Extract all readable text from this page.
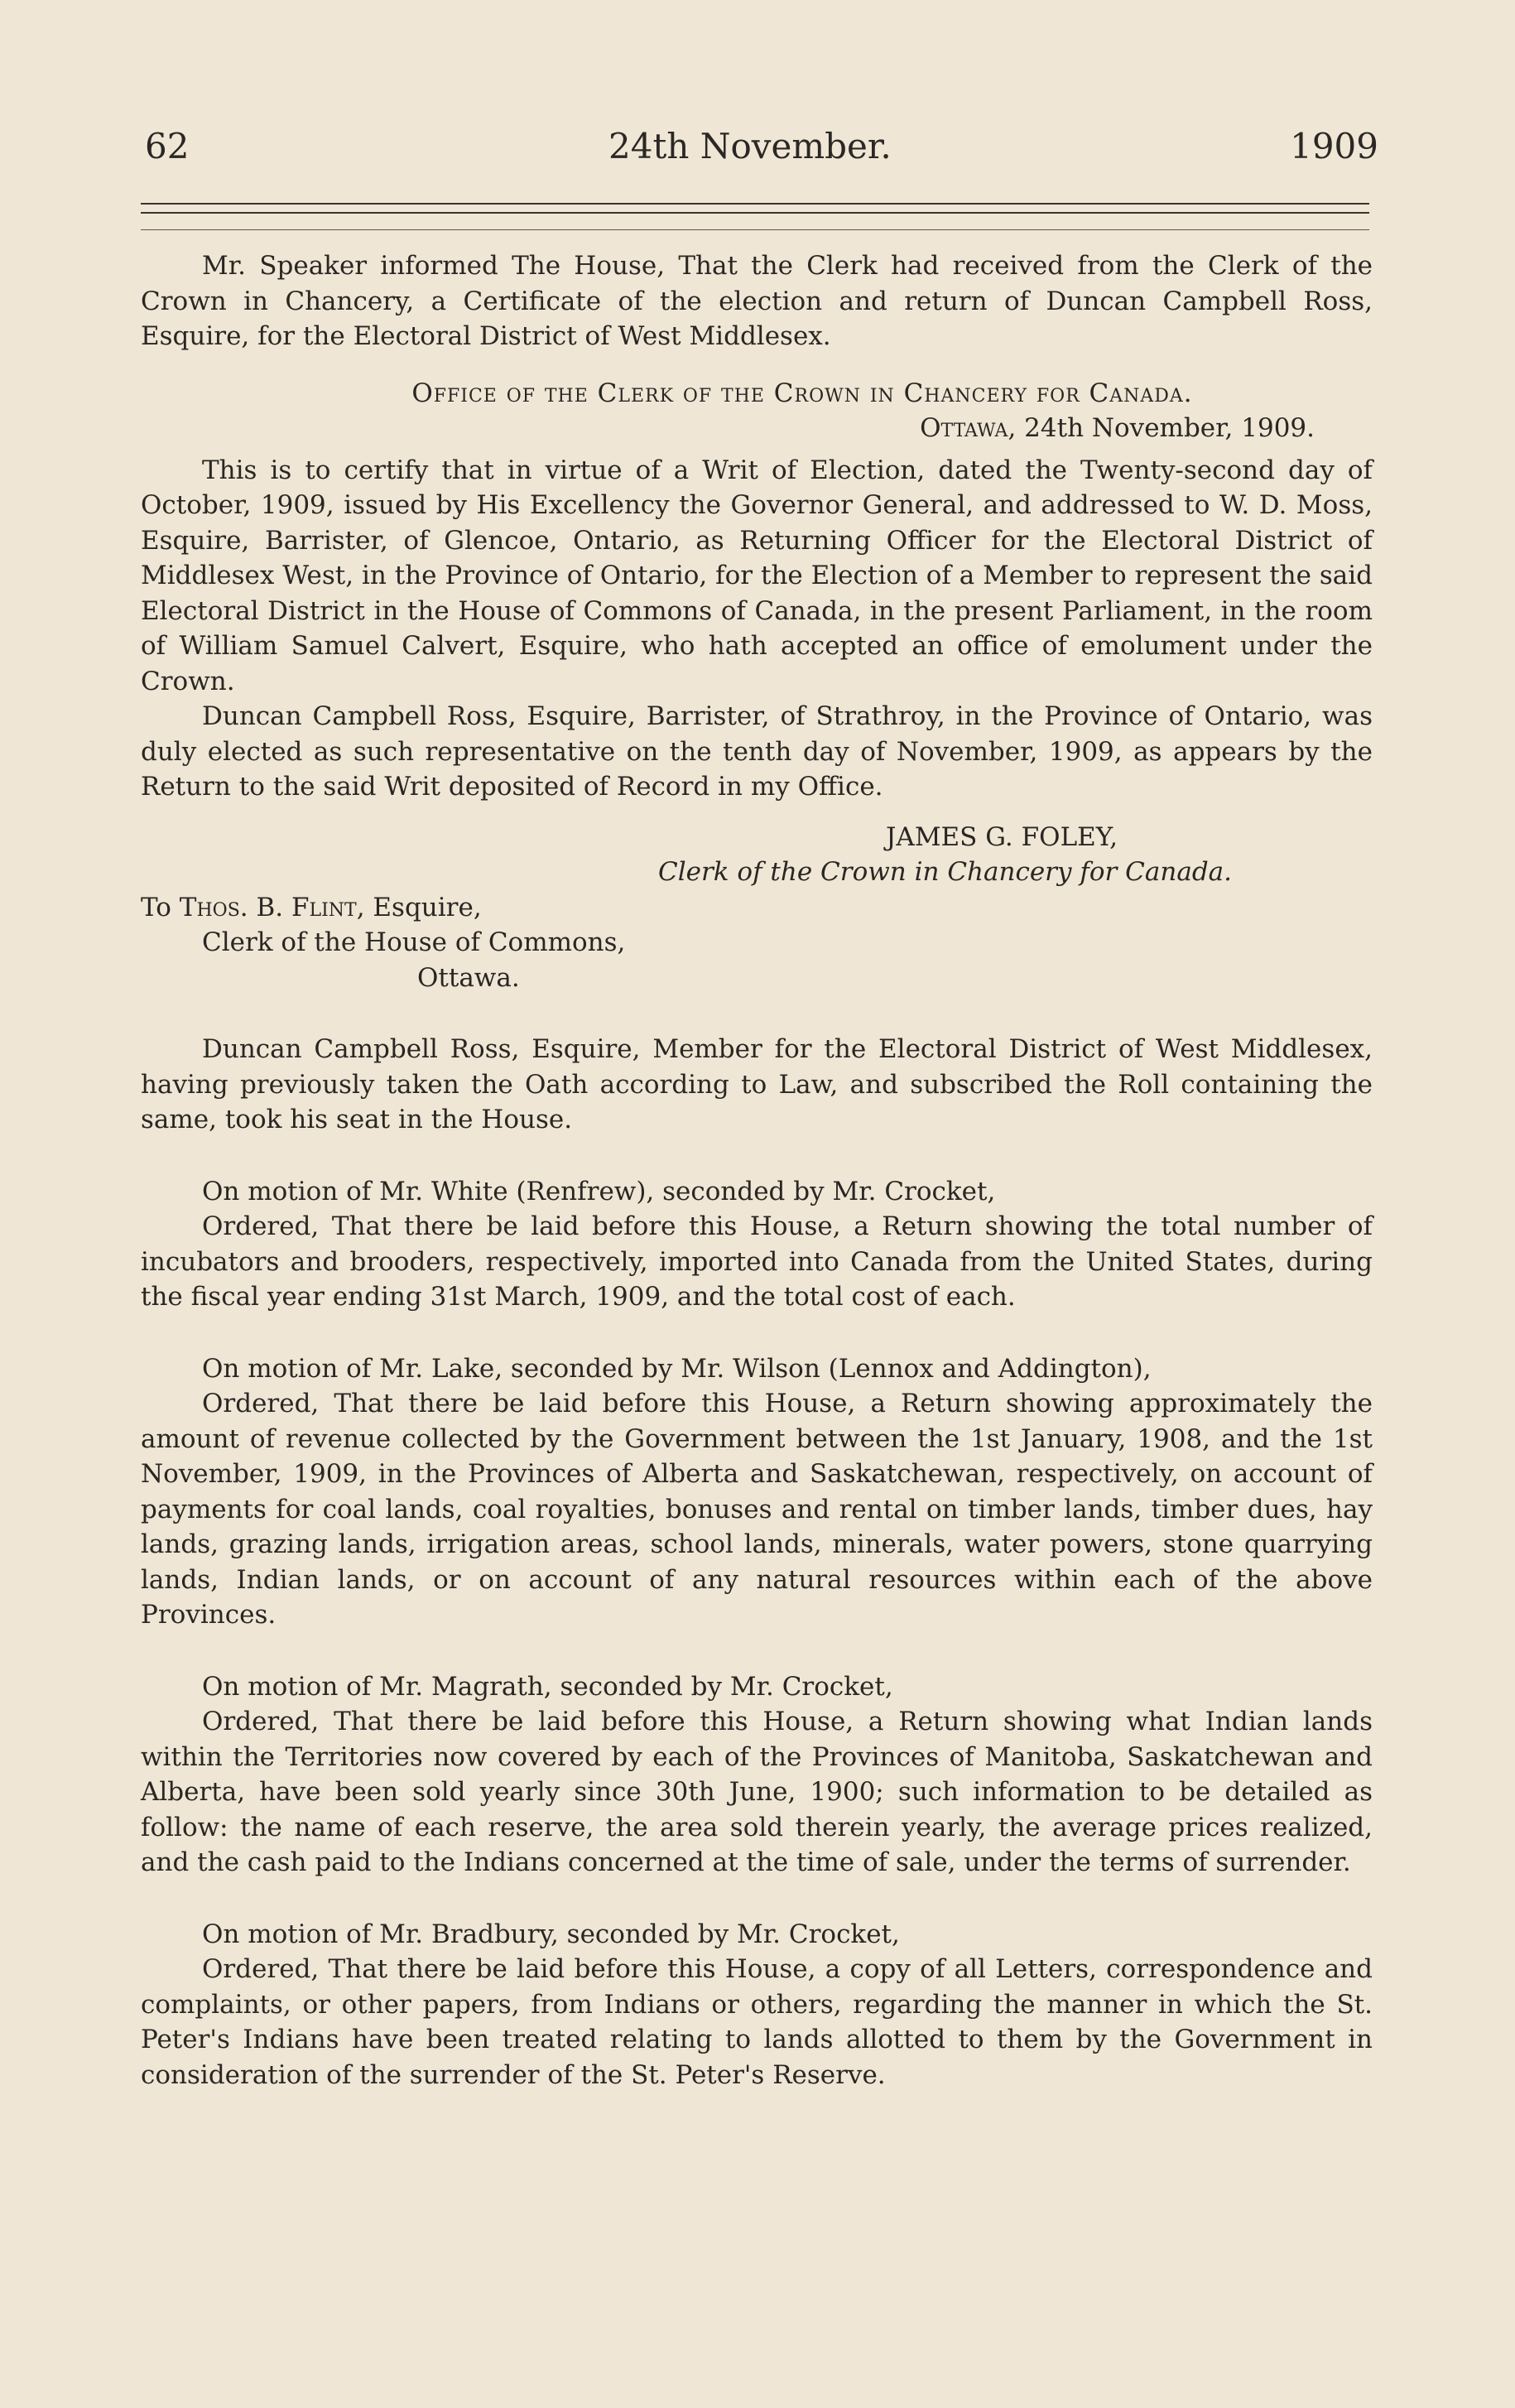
62	24th November.	1909

Mr. Speaker informed The House, That the Clerk had received from the Clerk of the Crown in Chancery, a Certificate of the election and return of Duncan Campbell Ross, Esquire, for the Electoral District of West Middlesex.

Office of the Clerk of the Crown in Chancery for Canada.

Ottawa, 24th November, 1909.

This is to certify that in virtue of a Writ of Election, dated the Twenty-second day of October, 1909, issued by His Excellency the Governor General, and addressed to W. D. Moss, Esquire, Barrister, of Glencoe, Ontario, as Returning Officer for the Electoral District of Middlesex West, in the Province of Ontario, for the Election of a Member to represent the said Electoral District in the House of Commons of Canada, in the present Parliament, in the room of William Samuel Calvert, Esquire, who hath accepted an office of emolument under the Crown.

Duncan Campbell Ross, Esquire, Barrister, of Strathroy, in the Province of Ontario, was duly elected as such representative on the tenth day of November, 1909, as appears by the Return to the said Writ deposited of Record in my Office.

JAMES G. FOLEY,

Clerk of the Crown in Chancery for Canada.

To Thos. B. Flint, Esquire,

Clerk of the House of Commons,

Ottawa.

Duncan Campbell Ross, Esquire, Member for the Electoral District of West Middlesex, having previously taken the Oath according to Law, and subscribed the Roll containing the same, took his seat in the House.

On motion of Mr. White (Renfrew), seconded by Mr. Crocket,

Ordered, That there be laid before this House, a Return showing the total number of incubators and brooders, respectively, imported into Canada from the United States, during the fiscal year ending 31st March, 1909, and the total cost of each.

On motion of Mr. Lake, seconded by Mr. Wilson (Lennox and Addington),

Ordered, That there be laid before this House, a Return showing approximately the amount of revenue collected by the Government between the 1st January, 1908, and the 1st November, 1909, in the Provinces of Alberta and Saskatchewan, respectively, on account of payments for coal lands, coal royalties, bonuses and rental on timber lands, timber dues, hay lands, grazing lands, irrigation areas, school lands, minerals, water powers, stone quarrying lands, Indian lands, or on account of any natural resources within each of the above Provinces.

On motion of Mr. Magrath, seconded by Mr. Crocket,

Ordered, That there be laid before this House, a Return showing what Indian lands within the Territories now covered by each of the Provinces of Manitoba, Saskatchewan and Alberta, have been sold yearly since 30th June, 1900; such information to be detailed as follow: the name of each reserve, the area sold therein yearly, the average prices realized, and the cash paid to the Indians concerned at the time of sale, under the terms of surrender.

On motion of Mr. Bradbury, seconded by Mr. Crocket,

Ordered, That there be laid before this House, a copy of all Letters, correspondence and complaints, or other papers, from Indians or others, regarding the manner in which the St. Peter's Indians have been treated relating to lands allotted to them by the Government in consideration of the surrender of the St. Peter's Reserve.
